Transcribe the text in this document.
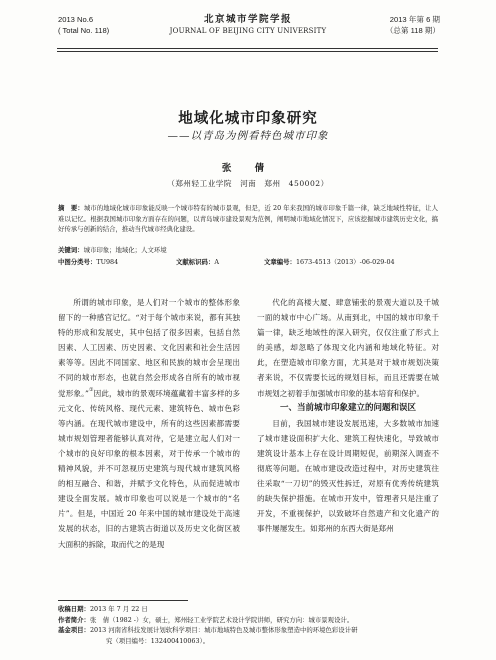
2013 No.6
( Total No. 118)
北京城市学院学报
JOURNAL OF BEIJING CITY UNIVERSITY
2013 年第 6 期
（总第 118 期）
地域化城市印象研究
——以青岛为例看特色城市印象
张 倩
（郑州轻工业学院　河南　郑州　450002）
摘　要：城市的地域化城市印象能反映一个城市特有的城市景观，但是，近 20 年来我国的城市印象千篇一律，缺乏地域性特征，让人难以记忆。根据我国城市印象方面存在的问题，以青岛城市建设景观为范例，阐明城市地域化情况下，应该挖掘城市建筑历史文化，搞好传承与创新的结合，推动当代城市经典化建设。
关键词：城市印象；地域化；人文环境
中图分类号：TU984	文献标识码：A	文章编号：1673-4513（2013）-06-029-04

所谓的城市印象，是人们对一个城市的整体形象留下的一种感官记忆。“对于每个城市来说，都有其独特的形成和发展史，其中包括了很多因素，包括自然因素、人工因素、历史因素、文化因素和社会生活因素等等。因此不同国家、地区和民族的城市会呈现出不同的城市形态，也就自然会形成各自所有的城市视觉形象。”①因此，城市的景观环境蕴藏着丰富多样的多元文化、传统风格、现代元素、建筑特色、城市色彩等内涵。在现代城市建设中，所有的这些因素都需要城市规划管理者能够认真对待，它是建立起人们对一个城市的良好印象的根本因素，对于传承一个城市的精神风貌，并不可忽视历史建筑与现代城市建筑风格的相互融合、和谐，并赋予文化特色，从而促进城市建设全面发展。城市印象也可以说是一个城市的“名片”。但是，中国近 20 年来中国的城市建设处于高速发展的状态，旧的古建筑古街道以及历史文化街区被大面积的拆除，取而代之的是现

代化的高楼大厦、肆意铺张的景观大道以及千城一面的城市中心广场。从南到北，中国的城市印象千篇一律，缺乏地域性的深入研究，仅仅注重了形式上的美感，却忽略了体现文化内涵和地域化特征。对此，在塑造城市印象方面，尤其是对于城市规划决策者来说，不仅需要长远的规划目标，而且还需要在城市规划之初着手加强城市印象的基本培育和保护。

一、当前城市印象建立的问题和误区

目前，我国城市建设发展迅速，大多数城市加速了城市建设面积扩大化、建筑工程快速化，导致城市建筑设计基本上存在设计周期短促，前期深入调查不彻底等问题。在城市建设改造过程中，对历史建筑往往采取“一刀切”的毁灭性拆迁，对原有优秀传统建筑的缺失保护措施。在城市开发中，管理者只是注重了开发，不重视保护，以致破坏自然遗产和文化遗产的事件屡屡发生。如郑州的东西大街是郑州

收稿日期：2013 年 7 月 22 日
作者简介：张　倩（1982 -）女，硕士，郑州轻工业学院艺术设计学院讲师，研究方向：城市景观设计。
基金项目：2013 河南省科技发展计划软科学项目：城市地域特色及城市整体形象塑造中的环境色彩设计研
究（项目编号：132400410063）。
